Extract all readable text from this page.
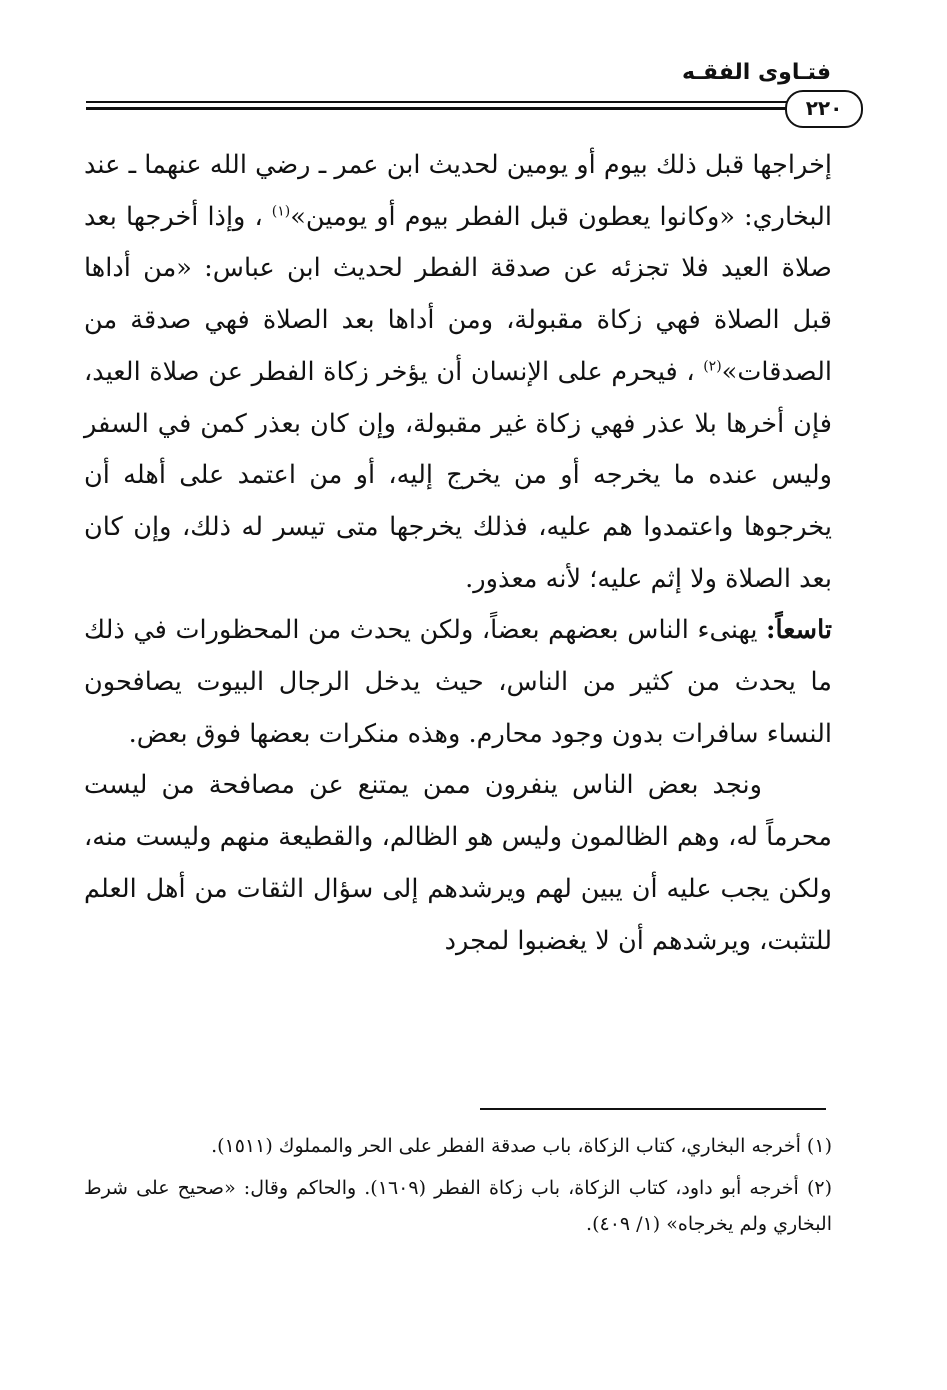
فتـاوى الفقـه
٢٢٠

إخراجها قبل ذلك بيوم أو يومين لحديث ابن عمر ـ رضي الله عنهما ـ عند البخاري: «وكانوا يعطون قبل الفطر بيوم أو يومين»$^{(١)}$ ، وإذا أخرجها بعد صلاة العيد فلا تجزئه عن صدقة الفطر لحديث ابن عباس: «من أداها قبل الصلاة فهي زكاة مقبولة، ومن أداها بعد الصلاة فهي صدقة من الصدقات»$^{(٢)}$ ، فيحرم على الإنسان أن يؤخر زكاة الفطر عن صلاة العيد، فإن أخرها بلا عذر فهي زكاة غير مقبولة، وإن كان بعذر كمن في السفر وليس عنده ما يخرجه أو من يخرج إليه، أو من اعتمد على أهله أن يخرجوها واعتمدوا هم عليه، فذلك يخرجها متى تيسر له ذلك، وإن كان بعد الصلاة ولا إثم عليه؛ لأنه معذور.

تاسعاً: يهنىء الناس بعضهم بعضاً، ولكن يحدث من المحظورات في ذلك ما يحدث من كثير من الناس، حيث يدخل الرجال البيوت يصافحون النساء سافرات بدون وجود محارم. وهذه منكرات بعضها فوق بعض.

ونجد بعض الناس ينفرون ممن يمتنع عن مصافحة من ليست محرماً له، وهم الظالمون وليس هو الظالم، والقطيعة منهم وليست منه، ولكن يجب عليه أن يبين لهم ويرشدهم إلى سؤال الثقات من أهل العلم للتثبت، ويرشدهم أن لا يغضبوا لمجرد

(١) أخرجه البخاري، كتاب الزكاة، باب صدقة الفطر على الحر والمملوك (١٥١١).

(٢) أخرجه أبو داود، كتاب الزكاة، باب زكاة الفطر (١٦٠٩). والحاكم وقال: «صحيح على شرط البخاري ولم يخرجاه» (١/ ٤٠٩).
